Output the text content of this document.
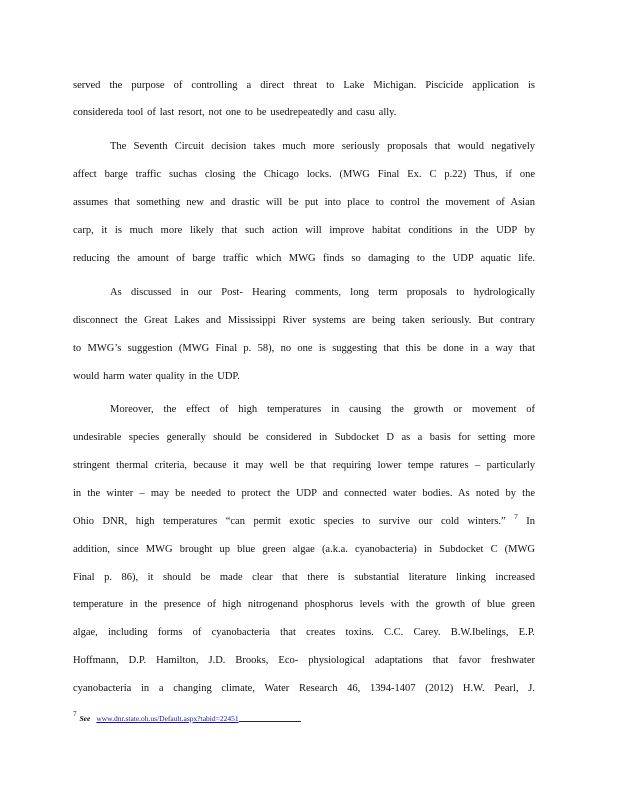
served the purpose of controlling a direct threat to Lake Michigan. Piscicide application is
considereda tool of last resort, not one to be usedrepeatedly and casu ally.
The Seventh Circuit decision takes much more seriously proposals that would negatively
affect barge traffic suchas closing the Chicago locks. (MWG Final Ex. C p.22) Thus, if one
assumes that something new and drastic will be put into place to control the movement of Asian
carp, it is much more likely that such action will improve habitat conditions in the UDP by
reducing the amount of barge traffic which MWG finds so damaging to the UDP aquatic life.
As discussed in our Post- Hearing comments, long term proposals to hydrologically
disconnect the Great Lakes and Mississippi River systems are being taken seriously. But contrary
to MWG’s suggestion (MWG Final p. 58), no one is suggesting that this be done in a way that
would harm water quality in the UDP.
Moreover, the effect of high temperatures in causing the growth or movement of
undesirable species generally should be considered in Subdocket D as a basis for setting more
stringent thermal criteria, because it may well be that requiring lower tempe ratures – particularly
in the winter – may be needed to protect the UDP and connected water bodies. As noted by the
Ohio DNR, high temperatures “can permit exotic species to survive our cold winters.” $^7$ In
addition, since MWG brought up blue green algae (a.k.a. cyanobacteria) in Subdocket C (MWG
Final p. 86), it should be made clear that there is substantial literature linking increased
temperature in the presence of high nitrogenand phosphorus levels with the growth of blue green
algae, including forms of cyanobacteria that creates toxins. C.C. Carey. B.W.Ibelings, E.P.
Hoffmann, D.P. Hamilton, J.D. Brooks, Eco- physiological adaptations that favor freshwater
cyanobacteria in a changing climate, Water Research 46, 1394-1407 (2012) H.W. Pearl, J.
$^7$ See www.dnr.state.oh.us/Default.aspx?tabid=22451
